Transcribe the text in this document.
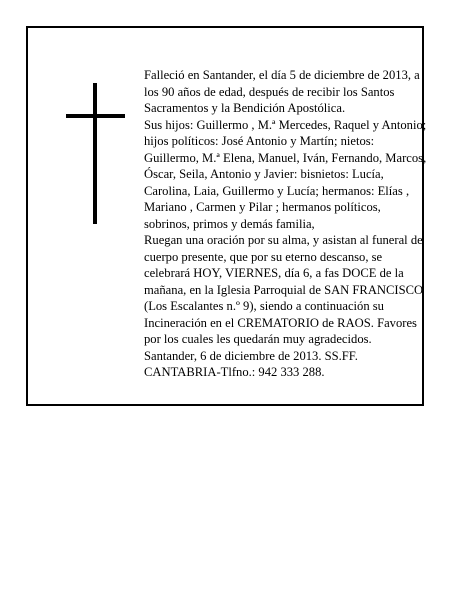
Falleció en Santander, el día 5 de diciembre de 2013, a
los 90 años de edad, después de recibir los Santos
Sacramentos y la Bendición Apostólica.

Sus hijos: Guillermo , M.ª Mercedes, Raquel y Antonio;
hijos políticos: José Antonio y Martín; nietos:
Guillermo, M.ª Elena, Manuel, Iván, Fernando, Marcos,
Óscar, Seila, Antonio y Javier: bisnietos: Lucía,
Carolina, Laia, Guillermo y Lucía; hermanos: Elías ,
Mariano , Carmen y Pilar ; hermanos políticos,
sobrinos, primos y demás familia,

Ruegan una oración por su alma, y asistan al funeral de
cuerpo presente, que por su eterno descanso, se
celebrará HOY, VIERNES, día 6, a fas DOCE de la
mañana, en la Iglesia Parroquial de SAN FRANCISCO
(Los Escalantes n.º 9), siendo a continuación su
Incineración en el CREMATORIO de RAOS. Favores
por los cuales les quedarán muy agradecidos.

Santander, 6 de diciembre de 2013. SS.FF.

CANTABRIA-Tlfno.: 942 333 288.
